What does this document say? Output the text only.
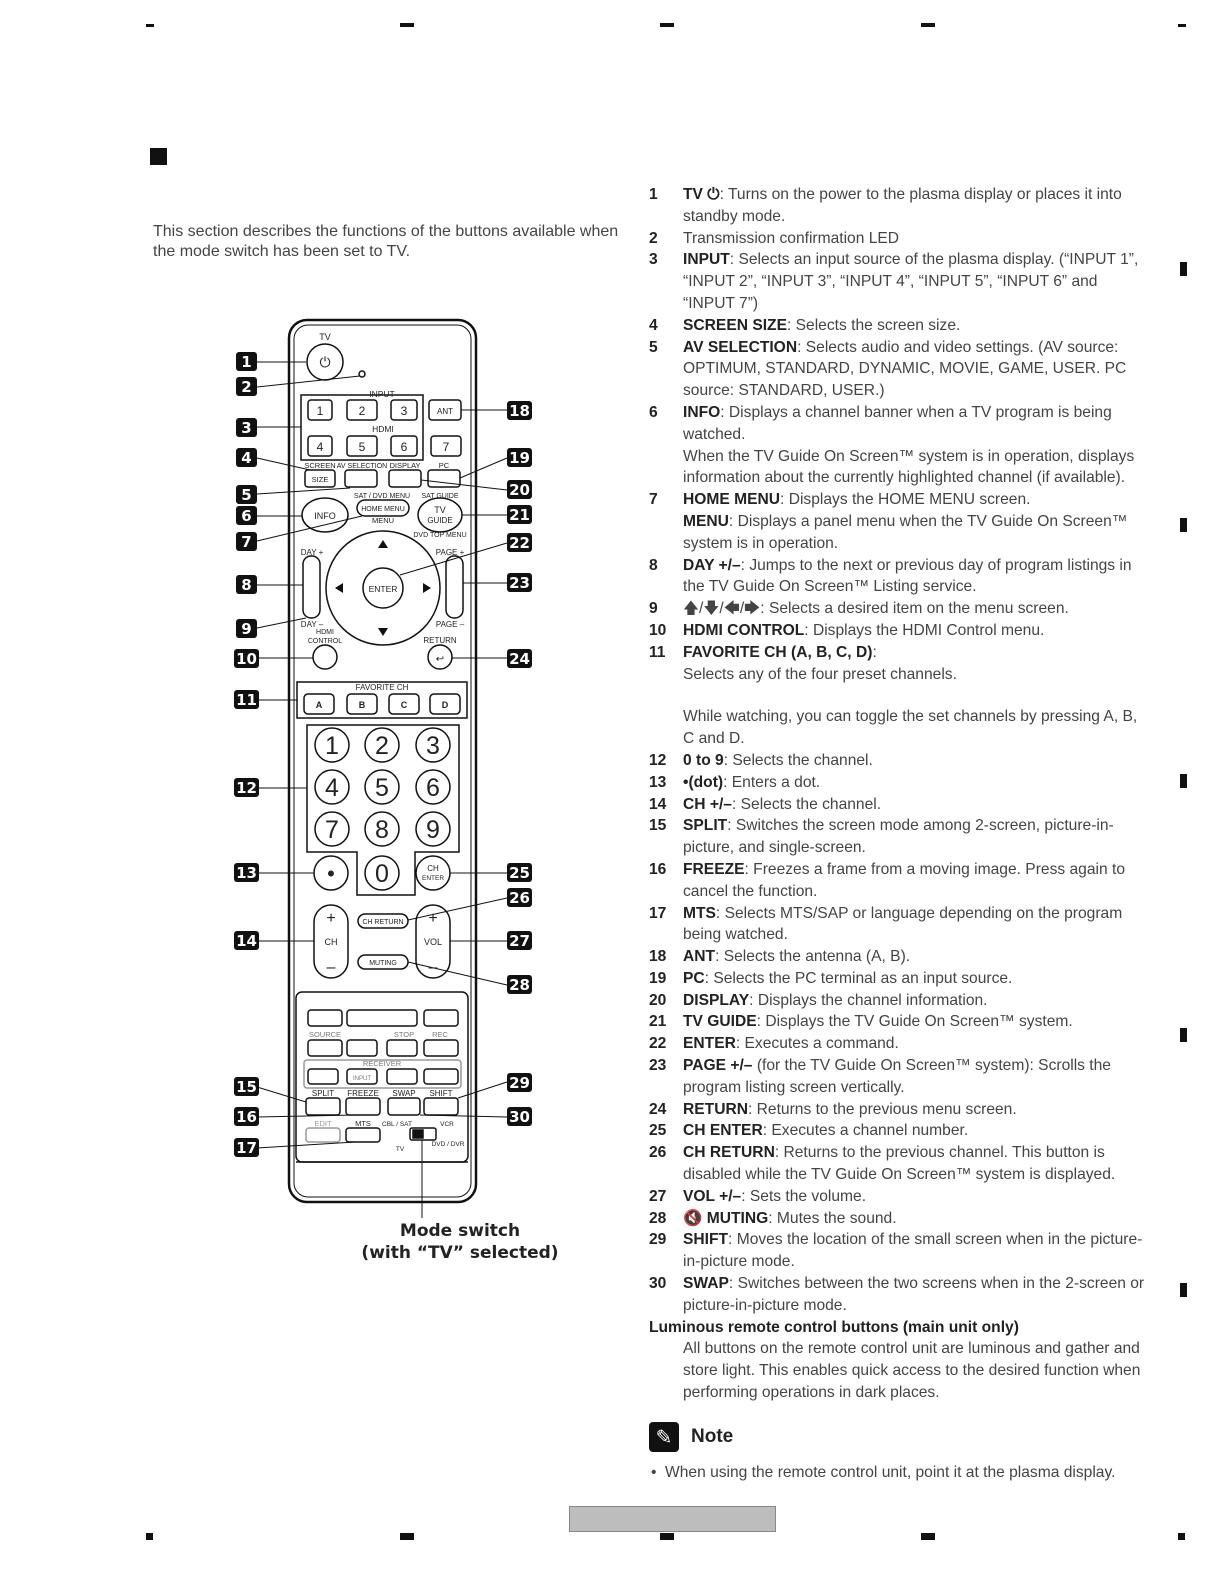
This section describes the functions of the buttons available when the mode switch has been set to TV.
TV
⏻
INPUT
HDMI
1	2	3	ANT
4	5	6	7
SCREEN
SIZE
AV SELECTION DISPLAY PC
SAT / DVD MENU
HOME MENU
MENU
SAT GUIDE
TV
GUIDE
INFO
DVD TOP MENU
DAY +
DAY –
PAGE +
PAGE –
ENTER
HDMI
CONTROL	RETURN
↩
FAVORITE CH
A	B	C	D
1 2 3
4 5 6
7 8 9
• 0	CH
ENTER
CH RETURN
MUTING
+
CH
–
+
VOL
–
SOURCE	STOP REC
RECEIVER
INPUT
SPLIT FREEZE SWAP SHIFT
EDIT	MTS CBL / SAT	VCR
TV
DVD / DVR
1
2
3
4
5
6
7
8
9
10
11
12
13
14
15
16
17
18
19
20
21
22
23
24
25
26
27
28
29
30
Mode switch
(with “TV” selected)
1 TV ⏻: Turns on the power to the plasma display or places it into standby mode.
2 Transmission confirmation LED
3 INPUT: Selects an input source of the plasma display. (“INPUT 1”, “INPUT 2”, “INPUT 3”, “INPUT 4”, “INPUT 5”, “INPUT 6” and “INPUT 7”)
4 SCREEN SIZE: Selects the screen size.
5 AV SELECTION: Selects audio and video settings. (AV source: OPTIMUM, STANDARD, DYNAMIC, MOVIE, GAME, USER. PC source: STANDARD, USER.)
6 INFO: Displays a channel banner when a TV program is being watched.
When the TV Guide On Screen™ system is in operation, displays information about the currently highlighted channel (if available).
7 HOME MENU: Displays the HOME MENU screen.
MENU: Displays a panel menu when the TV Guide On Screen™ system is in operation.
8 DAY +/–: Jumps to the next or previous day of program listings in the TV Guide On Screen™ Listing service.
9 🡅/🡇/🡄/🡆: Selects a desired item on the menu screen.
10 HDMI CONTROL: Displays the HDMI Control menu.
11 FAVORITE CH (A, B, C, D):
Selects any of the four preset channels.
While watching, you can toggle the set channels by pressing A, B, C and D.
12 0 to 9: Selects the channel.
13 •(dot): Enters a dot.
14 CH +/–: Selects the channel.
15 SPLIT: Switches the screen mode among 2-screen, picture-in-picture, and single-screen.
16 FREEZE: Freezes a frame from a moving image. Press again to cancel the function.
17 MTS: Selects MTS/SAP or language depending on the program being watched.
18 ANT: Selects the antenna (A, B).
19 PC: Selects the PC terminal as an input source.
20 DISPLAY: Displays the channel information.
21 TV GUIDE: Displays the TV Guide On Screen™ system.
22 ENTER: Executes a command.
23 PAGE +/– (for the TV Guide On Screen™ system): Scrolls the program listing screen vertically.
24 RETURN: Returns to the previous menu screen.
25 CH ENTER: Executes a channel number.
26 CH RETURN: Returns to the previous channel. This button is disabled while the TV Guide On Screen™ system is displayed.
27 VOL +/–: Sets the volume.
28 🔇 MUTING: Mutes the sound.
29 SHIFT: Moves the location of the small screen when in the picture-in-picture mode.
30 SWAP: Switches between the two screens when in the 2-screen or picture-in-picture mode.
Luminous remote control buttons (main unit only)
All buttons on the remote control unit are luminous and gather and store light. This enables quick access to the desired function when performing operations in dark places.
✎ Note
• When using the remote control unit, point it at the plasma display.
